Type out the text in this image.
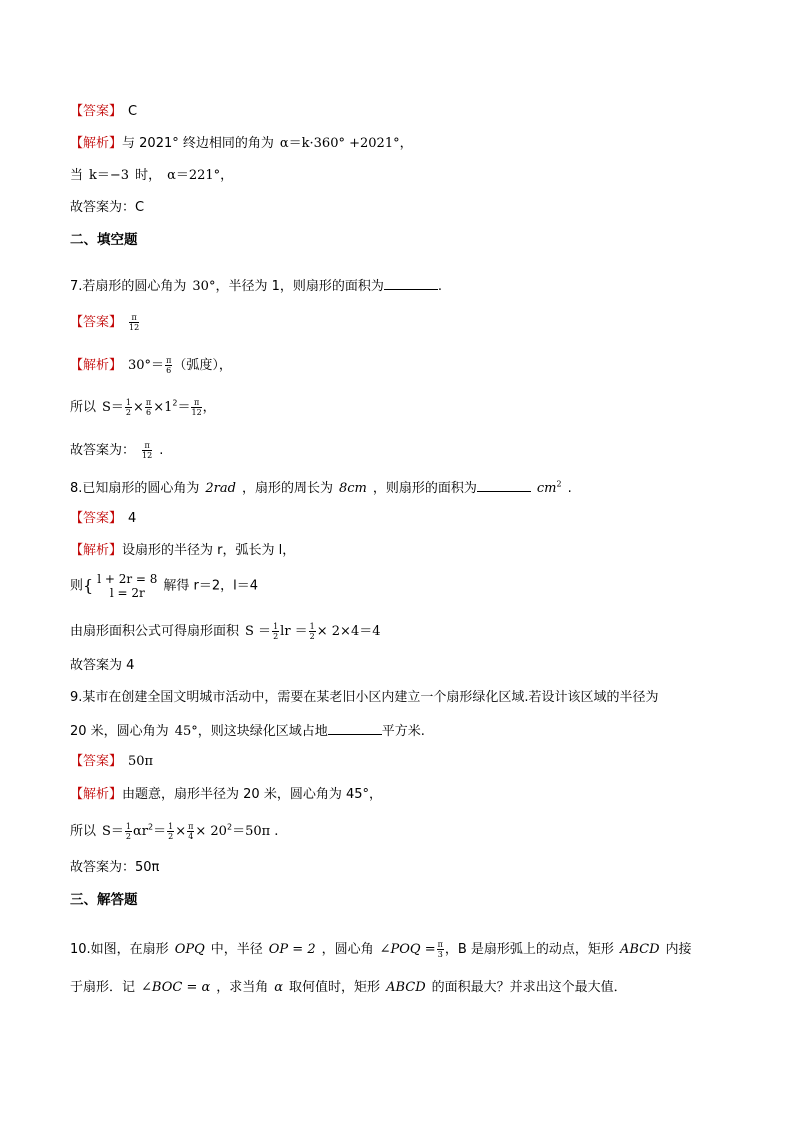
【答案】 C
【解析】与 2021° 终边相同的角为 α＝k·360° +2021°，
当 k＝−3 时， α＝221°，
故答案为：C
二、填空题
7.若扇形的圆心角为 30°，半径为 1，则扇形的面积为	.
【答案】 $\frac{\pi}{12}$
【解析】 $30^\circ= \frac{\pi}{6}$ （弧度），
所以 $S= \frac{1}{2} \times \frac{\pi}{6} \times 1^2= \frac{\pi}{12}$ ，
故答案为： $\frac{\pi}{12}$ .
8.已知扇形的圆心角为 2rad ，扇形的周长为 8cm ，则扇形的面积为	$cm^2$ .
【答案】 4
【解析】设扇形的半径为 r，弧长为 l，
则{ l + 2r = 8
l = 2r	解得 r＝2，l＝4
由扇形面积公式可得扇形面积 $S = \frac{1}{2}$ lr ＝ $\frac{1}{2} \times 2\times 4=4$
故答案为 4
9.某市在创建全国文明城市活动中，需要在某老旧小区内建立一个扇形绿化区域.若设计该区域的半径为
20 米，圆心角为 45°，则这块绿化区域占地	平方米.
【答案】 50π
【解析】由题意，扇形半径为 20 米，圆心角为 45°，
所以 $S= \frac{1}{2} \alpha r^2= \frac{1}{2} \times \frac{\pi}{4} \times 20^2=50\pi$ .
故答案为：50π
三、解答题
10.如图，在扇形 OPQ 中，半径 OP = 2 ，圆心角 ∠POQ = $\frac{\pi}{3}$ ，B 是扇形弧上的动点，矩形 ABCD 内接
于扇形．记 ∠BOC = α ，求当角 α 取何值时，矩形 ABCD 的面积最大？并求出这个最大值．
